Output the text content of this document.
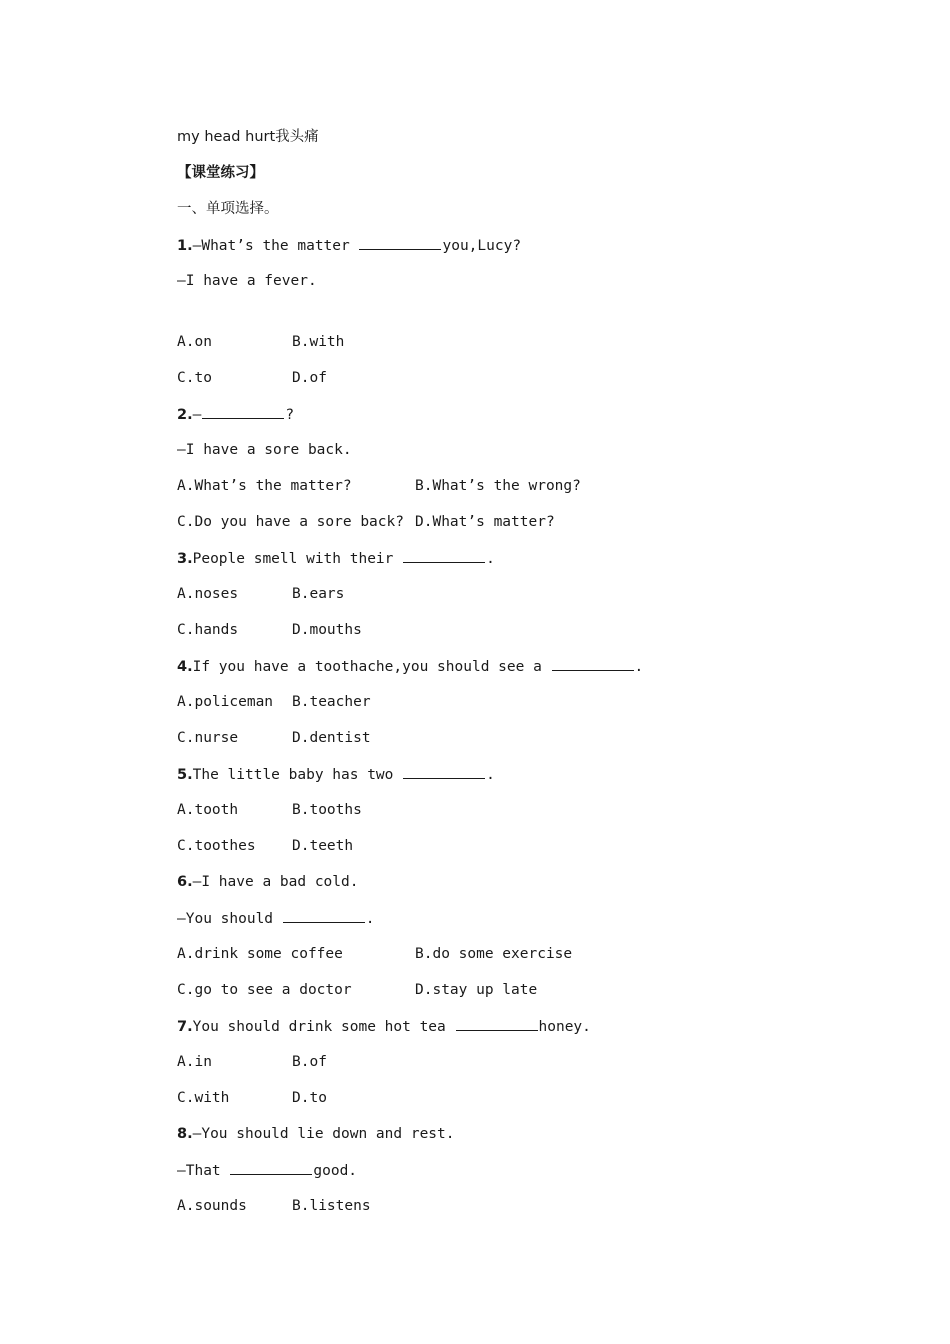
my head hurt我头痛
【课堂练习】
一、单项选择。
1.—What’s the matter	you,Lucy?
—I have a fever.
A.on	B.with
C.to	D.of
2.—	?
—I have a sore back.
A.What’s the matter?	B.What’s the wrong?
C.Do you have a sore back? D.What’s matter?
3.People smell with their	.
A.noses	B.ears
C.hands	D.mouths
4.If you have a toothache,you should see a	.
A.policeman B.teacher
C.nurse	D.dentist
5.The little baby has two	.
A.tooth	B.tooths
C.toothes	D.teeth
6.—I have a bad cold.
—You should	.
A.drink some coffee	B.do some exercise
C.go to see a doctor	D.stay up late
7.You should drink some hot tea	honey.
A.in	B.of
C.with	D.to
8.—You should lie down and rest.
—That	good.
A.sounds	B.listens
